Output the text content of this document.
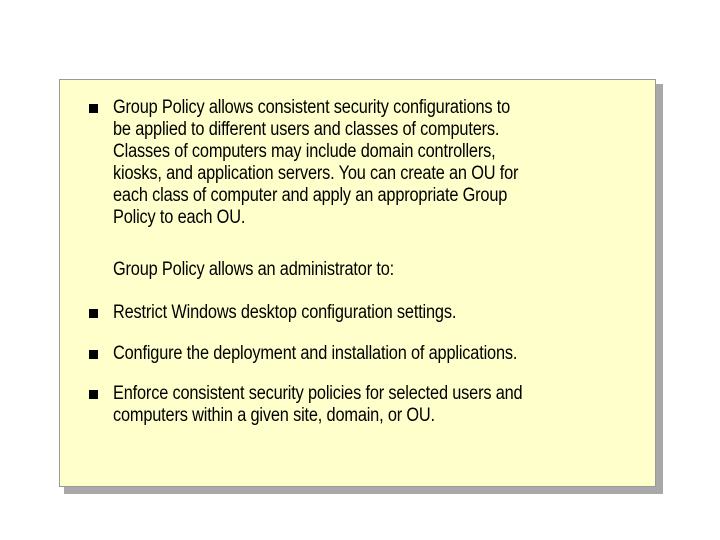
Group Policy allows consistent security configurations to
be applied to different users and classes of computers.
Classes of computers may include domain controllers,
kiosks, and application servers. You can create an OU for
each class of computer and apply an appropriate Group
Policy to each OU.

Group Policy allows an administrator to:

Restrict Windows desktop configuration settings.

Configure the deployment and installation of applications.

Enforce consistent security policies for selected users and
computers within a given site, domain, or OU.
